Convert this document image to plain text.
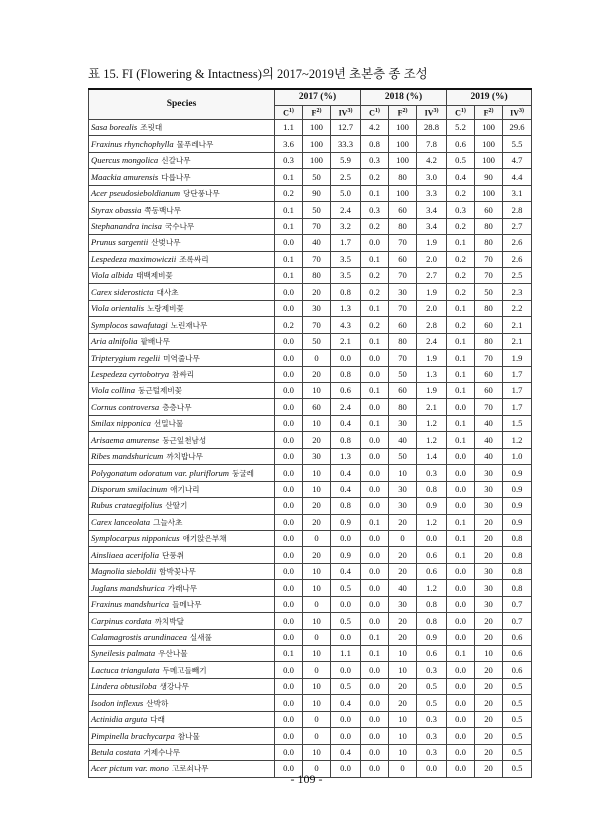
표 15. FI (Flowering & Intactness)의 2017~2019년 초본층 종 조성
Species	2017 (%)			2018 (%)			2019 (%)		
	$C^{1)}$	$F^{2)}$	IV$^{3)}$	$C^{1)}$	$F^{2)}$	IV$^{3)}$	$C^{1)}$	$F^{2)}$	IV$^{3)}$
Sasa borealis 조릿대	1.1	100	12.7	4.2	100	28.8	5.2	100	29.6
Fraxinus rhynchophylla 물푸레나무	3.6	100	33.3	0.8	100	7.8	0.6	100	5.5
Quercus mongolica 신갈나무	0.3	100	5.9	0.3	100	4.2	0.5	100	4.7
Maackia amurensis 다릅나무	0.1	50	2.5	0.2	80	3.0	0.4	90	4.4
Acer pseudosieboldianum 당단풍나무	0.2	90	5.0	0.1	100	3.3	0.2	100	3.1
Styrax obassia 쪽동백나무	0.1	50	2.4	0.3	60	3.4	0.3	60	2.8
Stephanandra incisa 국수나무	0.1	70	3.2	0.2	80	3.4	0.2	80	2.7
Prunus sargentii 산벚나무	0.0	40	1.7	0.0	70	1.9	0.1	80	2.6
Lespedeza maximowiczii 조록싸리	0.1	70	3.5	0.1	60	2.0	0.2	70	2.6
Viola albida 태백제비꽃	0.1	80	3.5	0.2	70	2.7	0.2	70	2.5
Carex siderosticta 대사초	0.0	20	0.8	0.2	30	1.9	0.2	50	2.3
Viola orientalis 노랑제비꽃	0.0	30	1.3	0.1	70	2.0	0.1	80	2.2
Symplocos sawafutagi 노린재나무	0.2	70	4.3	0.2	60	2.8	0.2	60	2.1
Aria alnifolia 팥배나무	0.0	50	2.1	0.1	80	2.4	0.1	80	2.1
Tripterygium regelii 미역줄나무	0.0	0	0.0	0.0	70	1.9	0.1	70	1.9
Lespedeza cyrtobotrya 참싸리	0.0	20	0.8	0.0	50	1.3	0.1	60	1.7
Viola collina 둥근털제비꽃	0.0	10	0.6	0.1	60	1.9	0.1	60	1.7
Cornus controversa 층층나무	0.0	60	2.4	0.0	80	2.1	0.0	70	1.7
Smilax nipponica 선밀나물	0.0	10	0.4	0.1	30	1.2	0.1	40	1.5
Arisaema amurense 둥근잎천남성	0.0	20	0.8	0.0	40	1.2	0.1	40	1.2
Ribes mandshuricum 까치밥나무	0.0	30	1.3	0.0	50	1.4	0.0	40	1.0
Polygonatum odoratum var. pluriflorum 둥굴레	0.0	10	0.4	0.0	10	0.3	0.0	30	0.9
Disporum smilacinum 애기나리	0.0	10	0.4	0.0	30	0.8	0.0	30	0.9
Rubus crataegifolius 산딸기	0.0	20	0.8	0.0	30	0.9	0.0	30	0.9
Carex lanceolata 그늘사초	0.0	20	0.9	0.1	20	1.2	0.1	20	0.9
Symplocarpus nipponicus 애기앉은부채	0.0	0	0.0	0.0	0	0.0	0.1	20	0.8
Ainsliaea acerifolia 단풍취	0.0	20	0.9	0.0	20	0.6	0.1	20	0.8
Magnolia sieboldii 함박꽃나무	0.0	10	0.4	0.0	20	0.6	0.0	30	0.8
Juglans mandshurica 가래나무	0.0	10	0.5	0.0	40	1.2	0.0	30	0.8
Fraxinus mandshurica 들메나무	0.0	0	0.0	0.0	30	0.8	0.0	30	0.7
Carpinus cordata 까치박달	0.0	10	0.5	0.0	20	0.8	0.0	20	0.7
Calamagrostis arundinacea 실새풀	0.0	0	0.0	0.1	20	0.9	0.0	20	0.6
Syneilesis palmata 우산나물	0.1	10	1.1	0.1	10	0.6	0.1	10	0.6
Lactuca triangulata 두메고들빼기	0.0	0	0.0	0.0	10	0.3	0.0	20	0.6
Lindera obtusiloba 생강나무	0.0	10	0.5	0.0	20	0.5	0.0	20	0.5
Isodon inflexus 산박하	0.0	10	0.4	0.0	20	0.5	0.0	20	0.5
Actinidia arguta 다래	0.0	0	0.0	0.0	10	0.3	0.0	20	0.5
Pimpinella brachycarpa 참나물	0.0	0	0.0	0.0	10	0.3	0.0	20	0.5
Betula costata 거제수나무	0.0	10	0.4	0.0	10	0.3	0.0	20	0.5
Acer pictum var. mono 고로쇠나무	0.0	0	0.0	0.0	0	0.0	0.0	20	0.5
- 109 -
